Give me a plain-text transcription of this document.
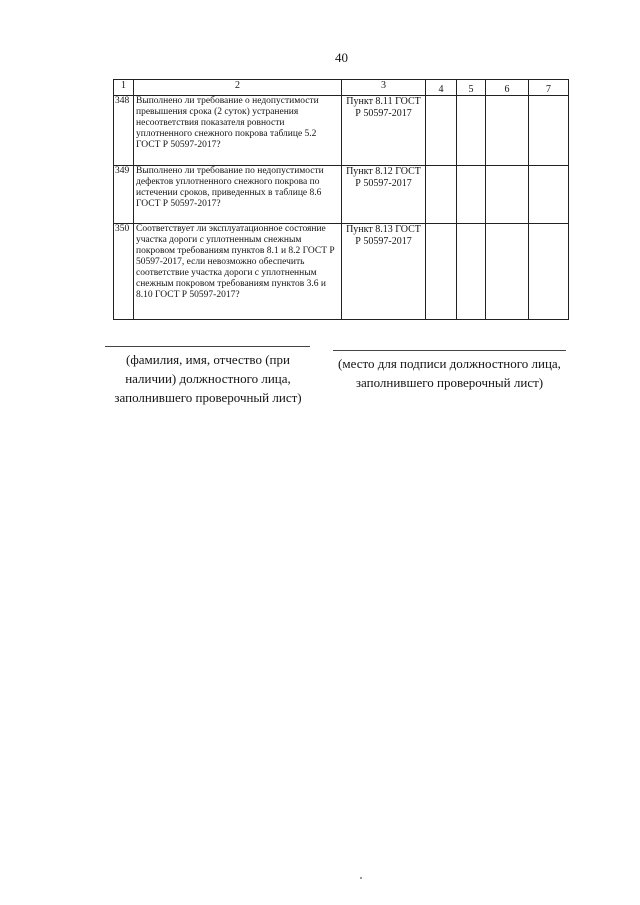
40
1	2	3	4	5	6	7
348	Выполнено ли требование о недопустимости превышения срока (2 суток) устранения несоответствия показателя ровности уплотненного снежного покрова таблице 5.2 ГОСТ Р 50597-2017?	Пункт 8.11 ГОСТ Р 50597-2017				
349	Выполнено ли требование по недопустимости дефектов уплотненного снежного покрова по истечении сроков, приведенных в таблице 8.6 ГОСТ Р 50597-2017?	Пункт 8.12 ГОСТ Р 50597-2017				
350	Соответствует ли эксплуатационное состояние участка дороги с уплотненным снежным покровом требованиям пунктов 8.1 и 8.2 ГОСТ Р 50597-2017, если невозможно обеспечить соответствие участка дороги с уплотненным снежным покровом требованиям пунктов 3.6 и 8.10 ГОСТ Р 50597-2017?	Пункт 8.13 ГОСТ Р 50597-2017				
(фамилия, имя, отчество (при наличии) должностного лица, заполнившего проверочный лист)
(место для подписи должностного лица, заполнившего проверочный лист)
